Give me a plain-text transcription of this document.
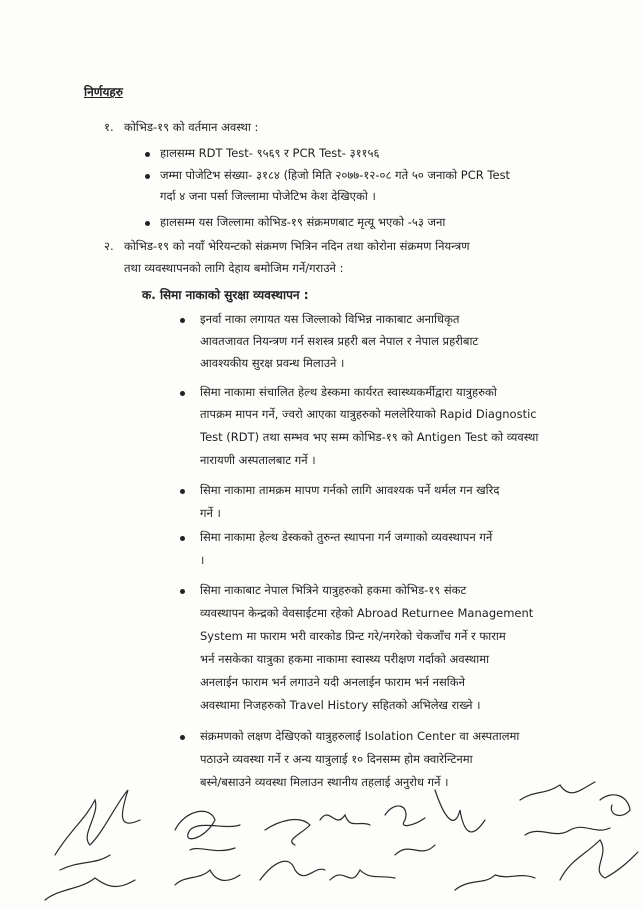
निर्णयहरु
१. कोभिड-१९ को वर्तमान अवस्था :
हालसम्म RDT Test- ९५६९ र PCR Test- ३११५६
जम्मा पोजेटिभ संख्या- ३१८४ (हिजो मिति २०७७-१२-०८ गते ५० जनाको PCR Test
गर्दा ४ जना पर्सा जिल्लामा पोजेटिभ केश देखिएको ।
हालसम्म यस जिल्लामा कोभिड-१९ संक्रमणबाट मृत्यू भएको -५३ जना
२. कोभिड-१९ को नयाँ भेरियन्टको संक्रमण भित्रिन नदिन तथा कोरोना संक्रमण नियन्त्रण
तथा व्यवस्थापनको लागि देहाय बमोजिम गर्ने/गराउने :
क. सिमा नाकाको सुरक्षा व्यवस्थापन :
इनर्वा नाका लगायत यस जिल्लाको विभिन्न नाकाबाट अनाधिकृत
आवतजावत नियन्त्रण गर्न सशस्त्र प्रहरी बल नेपाल र नेपाल प्रहरीबाट
आवश्यकीय सुरक्ष प्रवन्ध मिलाउने ।
सिमा नाकामा संचालित हेल्थ डेस्कमा कार्यरत स्वास्थ्यकर्मीद्वारा यात्रुहरुको
तापक्रम मापन गर्ने, ज्वरो आएका यात्रुहरुको मललेरियाको Rapid Diagnostic
Test (RDT) तथा सम्भव भए सम्म कोभिड-१९ को Antigen Test को व्यवस्था
नारायणी अस्पतालबाट गर्ने ।
सिमा नाकामा तामक्रम मापण गर्नको लागि आवश्यक पर्ने थर्मल गन खरिद
गर्ने ।
सिमा नाकामा हेल्थ डेस्कको तुरुन्त स्थापना गर्न जग्गाको व्यवस्थापन गर्ने
।
सिमा नाकाबाट नेपाल भित्रिने यात्रुहरुको हकमा कोभिड-१९ संकट
व्यवस्थापन केन्द्रको वेवसाईटमा रहेको Abroad Returnee Management
System मा फाराम भरी वारकोड प्रिन्ट गरे/नगरेको चेकजाँच गर्ने र फाराम
भर्न नसकेका यात्रुका हकमा नाकामा स्वास्थ्य परीक्षण गर्दाको अवस्थामा
अनलाईन फाराम भर्न लगाउने यदी अनलाईन फाराम भर्न नसकिने
अवस्थामा निजहरुको Travel History सहितको अभिलेख राख्ने ।
संक्रमणको लक्षण देखिएको यात्रुहरुलाई Isolation Center वा अस्पतालमा
पठाउने व्यवस्था गर्ने र अन्य यात्रुलाई १० दिनसम्म होम क्वारेन्टिनमा
बस्ने/बसाउने व्यवस्था मिलाउन स्थानीय तहलाई अनुरोध गर्ने ।
